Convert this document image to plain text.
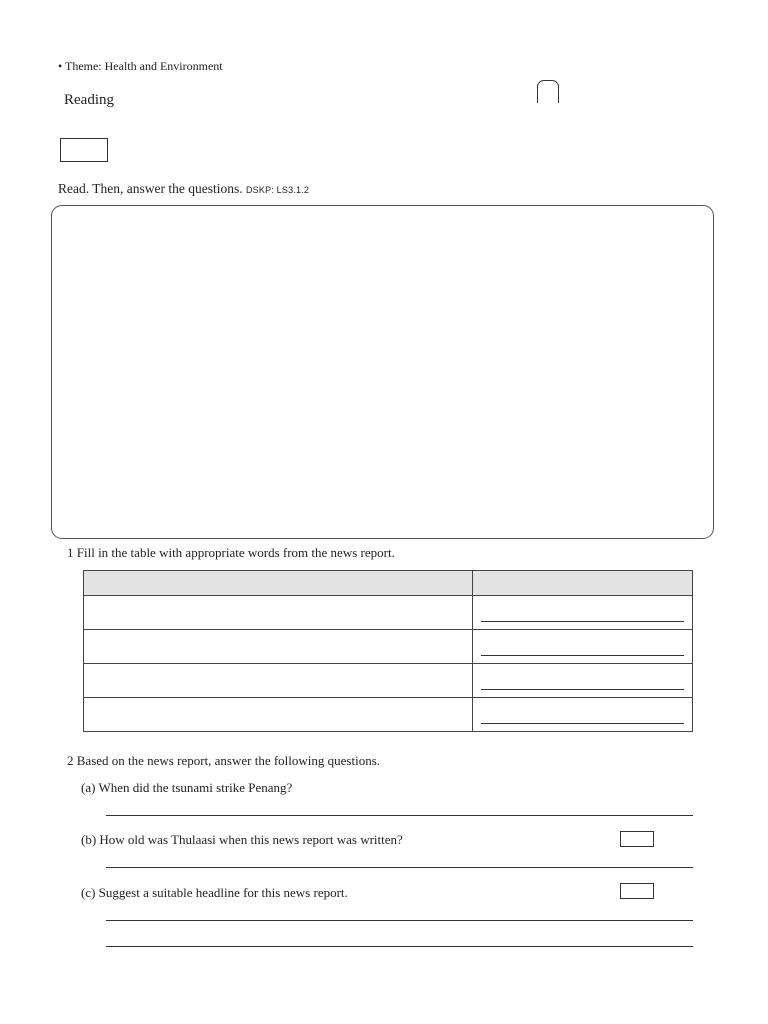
• Theme: Health and Environment
Reading
Read. Then, answer the questions. DSKP: LS3.1.2
1 Fill in the table with appropriate words from the news report.

2 Based on the news report, answer the following questions.
(a) When did the tsunami strike Penang?
(b) How old was Thulaasi when this news report was written?
(c) Suggest a suitable headline for this news report.
